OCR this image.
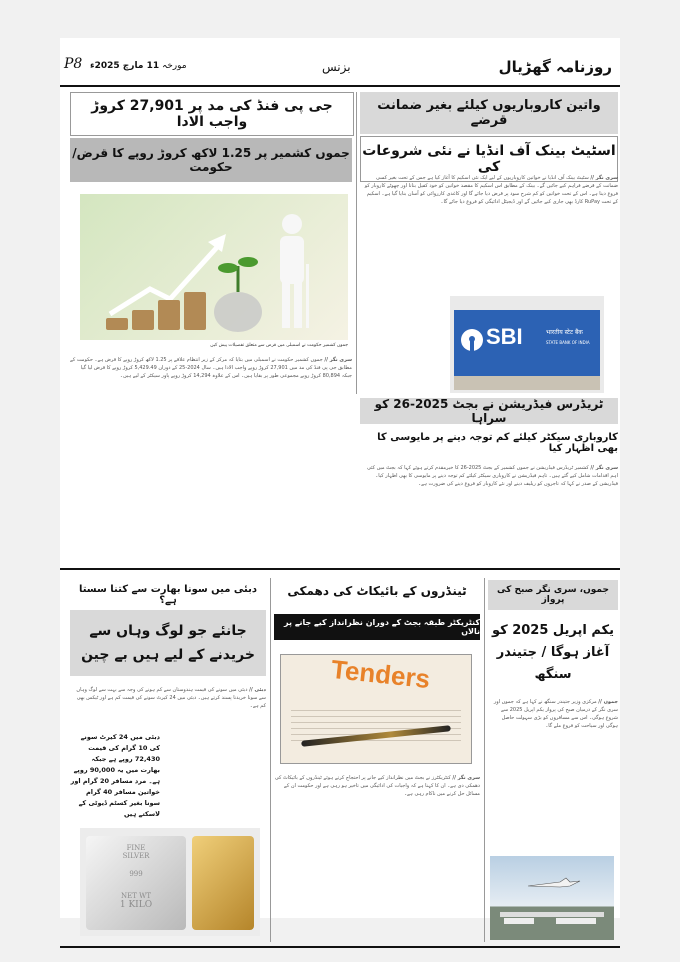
روزنامہ گھڑیال
بزنس
مورخہ 11 مارچ 2025ء
P8
واتین کاروباریوں کیلئے بغیر ضمانت قرضے
اسٹیٹ بینک آف انڈیا نے نئی شروعات کی
سری نگر // سٹیٹ بینک آف انڈیا نے خواتین کاروباریوں کے لیے ایک نئی اسکیم کا آغاز کیا ہے جس کے تحت بغیر کسی ضمانت کے قرضے فراہم کیے جائیں گے۔ بینک کے مطابق اس اسکیم کا مقصد خواتین کو خود کفیل بنانا اور چھوٹے کاروبار کو فروغ دینا ہے۔ اس کے تحت خواتین کو کم شرح سود پر قرض دیا جائے گا اور کاغذی کارروائی کو آسان بنایا گیا ہے۔ اسکیم کے تحت RuPay کارڈ بھی جاری کیے جائیں گے اور ڈیجیٹل ادائیگی کو فروغ دیا جائے گا۔
SBI	भारतीय स्टेट बैंक
STATE BANK OF INDIA
جی پی فنڈ کی مد پر 27,901 کروڑ واجب الادا
جموں کشمیر پر 1.25 لاکھ کروڑ روپے کا قرض/حکومت
جموں کشمیر حکومت نے اسمبلی میں قرض سے متعلق تفصیلات پیش کیں
سری نگر // جموں کشمیر حکومت نے اسمبلی میں بتایا کہ مرکز کے زیر انتظام علاقے پر 1.25 لاکھ کروڑ روپے کا قرض ہے۔ حکومت کے مطابق جی پی فنڈ کی مد میں 27,901 کروڑ روپے واجب الادا ہیں۔ سال 2024-25 کے دوران 5,429.49 کروڑ روپے کا قرض لیا گیا جبکہ 80,894 کروڑ روپے مجموعی طور پر بقایا ہیں۔ اس کے علاوہ 14,294 کروڑ روپے پاور سیکٹر کے لیے ہیں۔
ٹریڈرس فیڈریشن نے بجٹ 2025-26 کو سراہا
کاروباری سیکٹر کیلئے کم توجہ دینے پر مایوسی کا بھی اظہار کیا
سری نگر // کشمیر ٹریڈرس فیڈریشن نے جموں کشمیر کے بجٹ 2025-26 کا خیرمقدم کرتے ہوئے کہا کہ بجٹ میں کئی اہم اقدامات شامل کیے گئے ہیں۔ تاہم فیڈریشن نے کاروباری سیکٹر کیلئے کم توجہ دینے پر مایوسی کا بھی اظہار کیا۔ فیڈریشن کے صدر نے کہا کہ تاجروں کو ریلیف دینے اور نئے کاروبار کو فروغ دینے کی ضرورت ہے۔
جموں، سری نگر صبح کی پرواز
یکم اپریل 2025 کو آغاز ہوگا / جتیندر سنگھ
جموں // مرکزی وزیر جتیندر سنگھ نے کہا ہے کہ جموں اور سری نگر کے درمیان صبح کی پرواز یکم اپریل 2025 سے شروع ہوگی۔ اس سے مسافروں کو بڑی سہولت حاصل ہوگی اور سیاحت کو فروغ ملے گا۔
ٹینڈروں کے بائیکاٹ کی دھمکی
کنٹریکٹر طبقہ بجٹ کے دوران نظرانداز کیے جانے پر نالاں
Tenders
سری نگر // کنٹریکٹرز نے بجٹ میں نظرانداز کیے جانے پر احتجاج کرتے ہوئے ٹینڈروں کے بائیکاٹ کی دھمکی دی ہے۔ ان کا کہنا ہے کہ واجبات کی ادائیگی میں تاخیر ہو رہی ہے اور حکومت ان کے مسائل حل کرنے میں ناکام رہی ہے۔
دبئی میں سونا بھارت سے کتنا سستا ہے؟
جانئے جو لوگ وہاں سے خریدنے کے لیے ہیں بے چین
دبئی // دبئی میں سونے کی قیمت ہندوستان سے کم ہونے کی وجہ سے بہت سے لوگ وہاں سے سونا خریدنا پسند کرتے ہیں۔ دبئی میں 24 کیرٹ سونے کی قیمت کم ہے اور ٹیکس بھی کم ہے۔
دبئی میں 24 کیرٹ سونے کی 10 گرام کی قیمت 72,430 روپے ہے جبکہ بھارت میں یہ 90,000 روپے ہے۔ مرد مسافر 20 گرام اور خواتین مسافر 40 گرام سونا بغیر کسٹم ڈیوٹی کے لاسکتے ہیں
FINE
SILVER
999
NET WT
1 KILO
